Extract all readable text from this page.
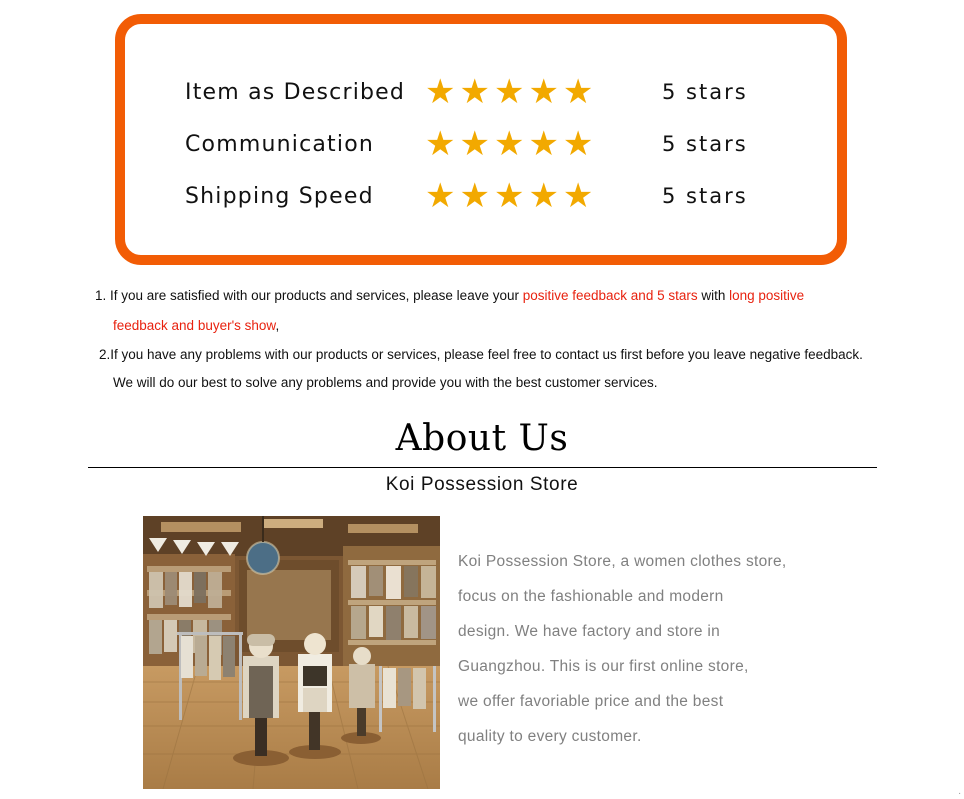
Item as Described ★★★★★	5 stars
Communication	★★★★★	5 stars
Shipping Speed	★★★★★	5 stars
1. If you are satisfied with our products and services, please leave your positive feedback and 5 stars with long positive
feedback and buyer's show,
2.If you have any problems with our products or services, please feel free to contact us first before you leave negative feedback.
We will do our best to solve any problems and provide you with the best customer services.
About Us
Koi Possession Store

Koi Possession Store, a women clothes store,

focus on the fashionable and modern

design. We have factory and store in

Guangzhou. This is our first online store,

we offer favoriable price and the best

quality to every customer.

.
